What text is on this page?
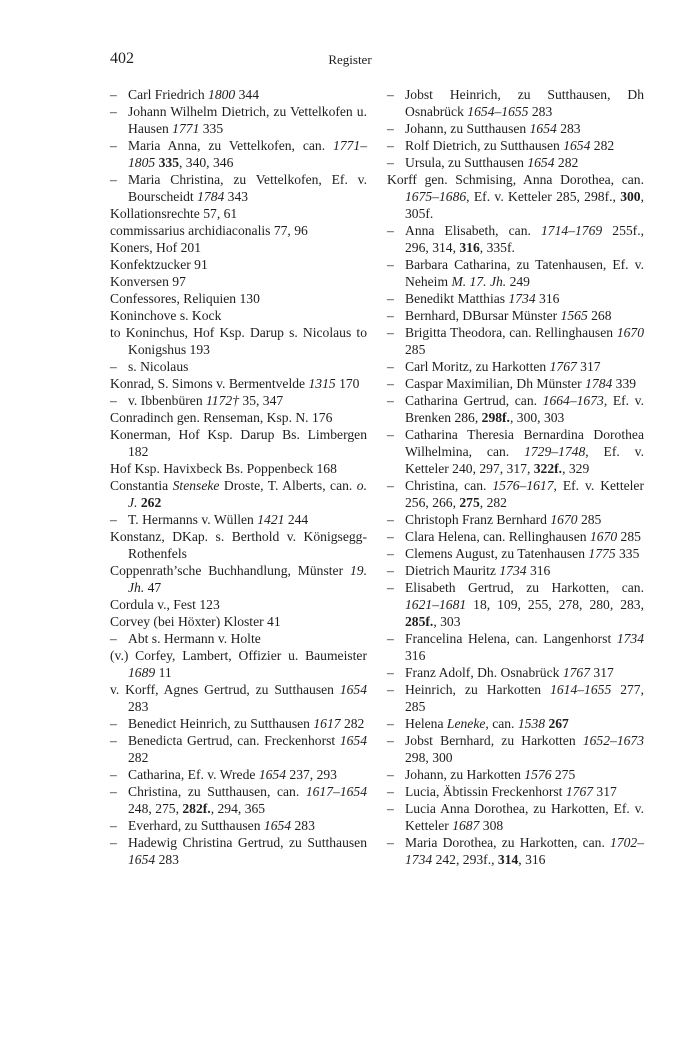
402	Register
– Carl Friedrich 1800 344
– Johann Wilhelm Dietrich, zu Vettelkofen u. Hausen 1771 335
– Maria Anna, zu Vettelkofen, can. 1771–1805 335, 340, 346
– Maria Christina, zu Vettelkofen, Ef. v. Bourscheidt 1784 343
Kollationsrechte 57, 61
commissarius archidiaconalis 77, 96
Koners, Hof 201
Konfektzucker 91
Konversen 97
Confessores, Reliquien 130
Koninchove s. Kock
to Koninchus, Hof Ksp. Darup s. Nicolaus to Konigshus 193
– s. Nicolaus
Konrad, S. Simons v. Bermentvelde 1315 170
– v. Ibbenbüren 1172† 35, 347
Conradinch gen. Renseman, Ksp. N. 176
Konerman, Hof Ksp. Darup Bs. Limbergen 182
Hof Ksp. Havixbeck Bs. Poppenbeck 168
Constantia Stenseke Droste, T. Alberts, can. o. J. 262
– T. Hermanns v. Wüllen 1421 244
Konstanz, DKap. s. Berthold v. Königsegg-Rothenfels
Coppenrath’sche Buchhandlung, Münster 19. Jh. 47
Cordula v., Fest 123
Corvey (bei Höxter) Kloster 41
– Abt s. Hermann v. Holte
(v.) Corfey, Lambert, Offizier u. Baumeister 1689 11
v. Korff, Agnes Gertrud, zu Sutthausen 1654 283
– Benedict Heinrich, zu Sutthausen 1617 282
– Benedicta Gertrud, can. Freckenhorst 1654 282
– Catharina, Ef. v. Wrede 1654 237, 293
– Christina, zu Sutthausen, can. 1617–1654 248, 275, 282f., 294, 365
– Everhard, zu Sutthausen 1654 283
– Hadewig Christina Gertrud, zu Sutthausen 1654 283
– Jobst Heinrich, zu Sutthausen, Dh Osnabrück 1654–1655 283
– Johann, zu Sutthausen 1654 283
– Rolf Dietrich, zu Sutthausen 1654 282
– Ursula, zu Sutthausen 1654 282
Korff gen. Schmising, Anna Dorothea, can. 1675–1686, Ef. v. Ketteler 285, 298f., 300, 305f.
– Anna Elisabeth, can. 1714–1769 255f., 296, 314, 316, 335f.
– Barbara Catharina, zu Tatenhausen, Ef. v. Neheim M. 17. Jh. 249
– Benedikt Matthias 1734 316
– Bernhard, DBursar Münster 1565 268
– Brigitta Theodora, can. Rellinghausen 1670 285
– Carl Moritz, zu Harkotten 1767 317
– Caspar Maximilian, Dh Münster 1784 339
– Catharina Gertrud, can. 1664–1673, Ef. v. Brenken 286, 298f., 300, 303
– Catharina Theresia Bernardina Dorothea Wilhelmina, can. 1729–1748, Ef. v. Ketteler 240, 297, 317, 322f., 329
– Christina, can. 1576–1617, Ef. v. Ketteler 256, 266, 275, 282
– Christoph Franz Bernhard 1670 285
– Clara Helena, can. Rellinghausen 1670 285
– Clemens August, zu Tatenhausen 1775 335
– Dietrich Mauritz 1734 316
– Elisabeth Gertrud, zu Harkotten, can. 1621–1681 18, 109, 255, 278, 280, 283, 285f., 303
– Francelina Helena, can. Langenhorst 1734 316
– Franz Adolf, Dh. Osnabrück 1767 317
– Heinrich, zu Harkotten 1614–1655 277, 285
– Helena Leneke, can. 1538 267
– Jobst Bernhard, zu Harkotten 1652–1673 298, 300
– Johann, zu Harkotten 1576 275
– Lucia, Äbtissin Freckenhorst 1767 317
– Lucia Anna Dorothea, zu Harkotten, Ef. v. Ketteler 1687 308
– Maria Dorothea, zu Harkotten, can. 1702–1734 242, 293f., 314, 316
